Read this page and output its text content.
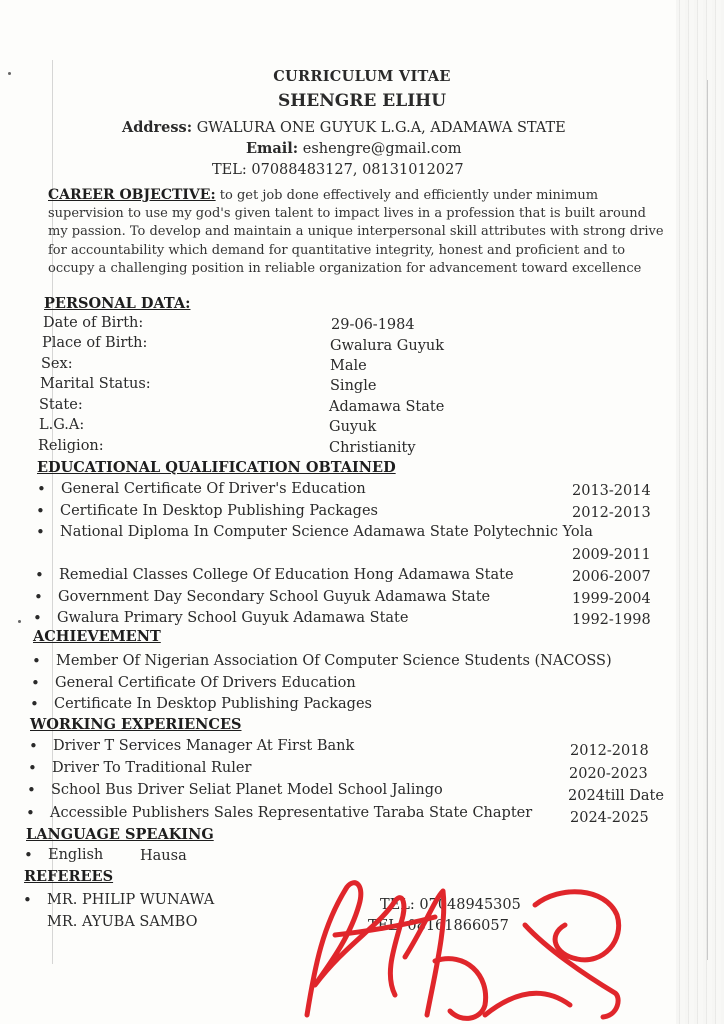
CURRICULUM VITAE
SHENGRE ELIHU
Address: GWALURA ONE GUYUK L.G.A, ADAMAWA STATE
Email: eshengre@gmail.com
TEL: 07088483127, 08131012027
CAREER OBJECTIVE: to get job done effectively and efficiently under minimum supervision to use my god's given talent to impact lives in a profession that is built around my passion. To develop and maintain a unique interpersonal skill attributes with strong drive for accountability which demand for quantitative integrity, honest and proficient and to occupy a challenging position in reliable organization for advancement toward excellence
PERSONAL DATA:
Date of Birth:	29-06-1984
Place of Birth:	Gwalura Guyuk
Sex:	Male
Marital Status:	Single
State:	Adamawa State
L.G.A:	Guyuk
Religion:	Christianity
EDUCATIONAL QUALIFICATION OBTAINED
• General Certificate Of Driver's Education	2013-2014
• Certificate In Desktop Publishing Packages	2012-2013
• National Diploma In Computer Science Adamawa State Polytechnic Yola
2009-2011
• Remedial Classes College Of Education Hong Adamawa State	2006-2007
• Government Day Secondary School Guyuk Adamawa State	1999-2004
• Gwalura Primary School Guyuk Adamawa State	1992-1998
ACHIEVEMENT
• Member Of Nigerian Association Of Computer Science Students (NACOSS)
• General Certificate Of Drivers Education
• Certificate In Desktop Publishing Packages
WORKING EXPERIENCES
• Driver T Services Manager At First Bank	2012-2018
• Driver To Traditional Ruler	2020-2023
• School Bus Driver Seliat Planet Model School Jalingo	2024till Date
• Accessible Publishers Sales Representative Taraba State Chapter	2024-2025
LANGUAGE SPEAKING
• English	Hausa
REFEREES
• MR. PHILIP WUNAWA	TEL: 07048945305
MR. AYUBA SAMBO	TEL: 08161866057
